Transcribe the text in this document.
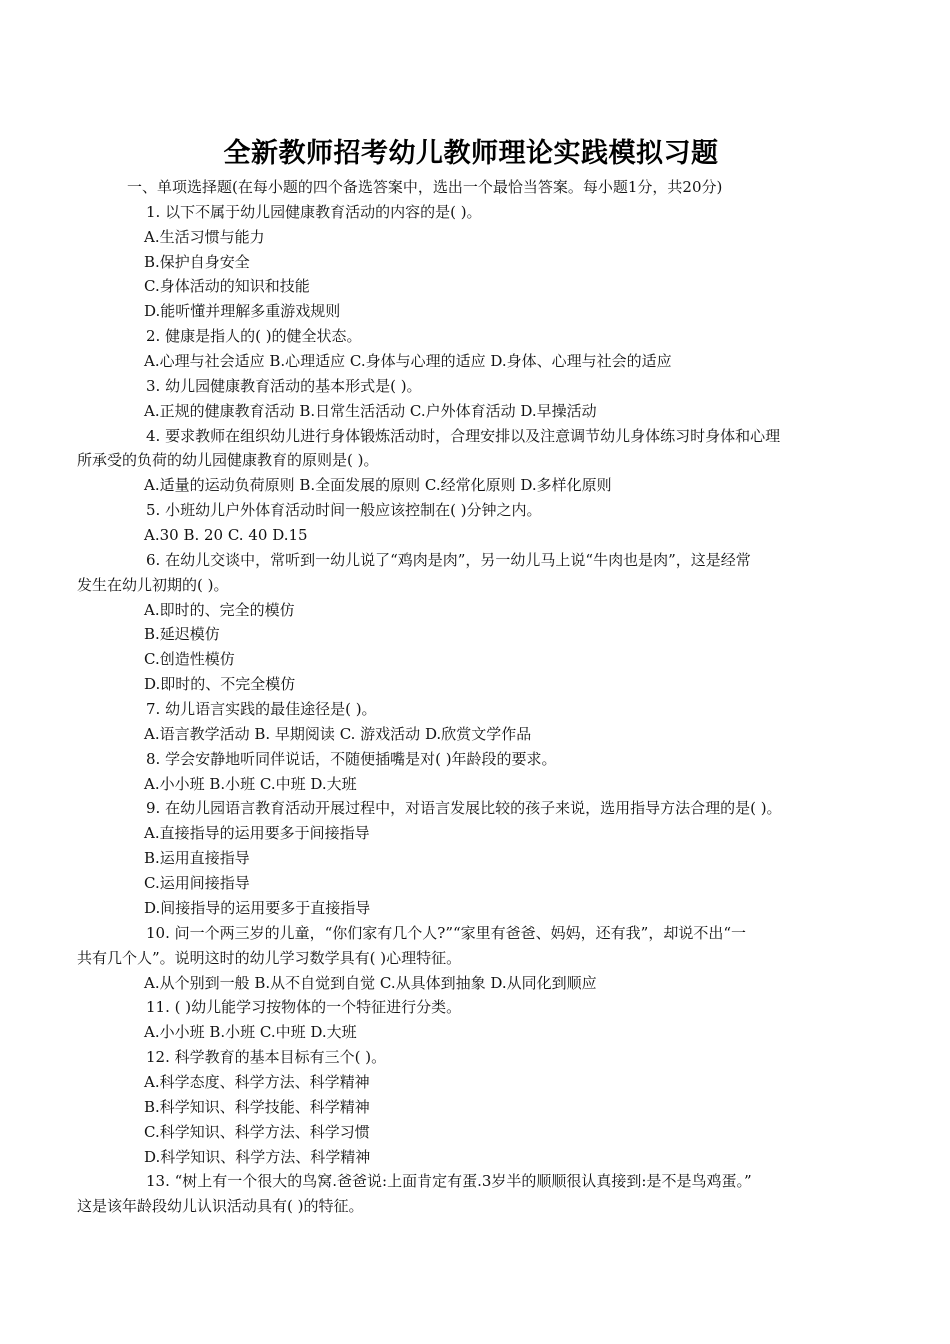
全新教师招考幼儿教师理论实践模拟习题
一、单项选择题(在每小题的四个备选答案中，选出一个最恰当答案。每小题1分，共20分)
1. 以下不属于幼儿园健康教育活动的内容的是( )。
A.生活习惯与能力
B.保护自身安全
C.身体活动的知识和技能
D.能听懂并理解多重游戏规则
2. 健康是指人的( )的健全状态。
A.心理与社会适应 B.心理适应 C.身体与心理的适应 D.身体、心理与社会的适应
3. 幼儿园健康教育活动的基本形式是( )。
A.正规的健康教育活动 B.日常生活活动 C.户外体育活动 D.早操活动
4. 要求教师在组织幼儿进行身体锻炼活动时，合理安排以及注意调节幼儿身体练习时身体和心理
所承受的负荷的幼儿园健康教育的原则是( )。
A.适量的运动负荷原则 B.全面发展的原则 C.经常化原则 D.多样化原则
5. 小班幼儿户外体育活动时间一般应该控制在( )分钟之内。
A.30 B. 20 C. 40 D.15
6. 在幼儿交谈中，常听到一幼儿说了“鸡肉是肉”，另一幼儿马上说“牛肉也是肉”，这是经常
发生在幼儿初期的( )。
A.即时的、完全的模仿
B.延迟模仿
C.创造性模仿
D.即时的、不完全模仿
7. 幼儿语言实践的最佳途径是( )。
A.语言教学活动 B. 早期阅读 C. 游戏活动 D.欣赏文学作品
8. 学会安静地听同伴说话，不随便插嘴是对( )年龄段的要求。
A.小小班 B.小班 C.中班 D.大班
9. 在幼儿园语言教育活动开展过程中，对语言发展比较的孩子来说，选用指导方法合理的是( )。
A.直接指导的运用要多于间接指导
B.运用直接指导
C.运用间接指导
D.间接指导的运用要多于直接指导
10. 问一个两三岁的儿童，“你们家有几个人?”“家里有爸爸、妈妈，还有我”，却说不出“一
共有几个人”。说明这时的幼儿学习数学具有( )心理特征。
A.从个别到一般 B.从不自觉到自觉 C.从具体到抽象 D.从同化到顺应
11. ( )幼儿能学习按物体的一个特征进行分类。
A.小小班 B.小班 C.中班 D.大班
12. 科学教育的基本目标有三个( )。
A.科学态度、科学方法、科学精神
B.科学知识、科学技能、科学精神
C.科学知识、科学方法、科学习惯
D.科学知识、科学方法、科学精神
13. “树上有一个很大的鸟窝.爸爸说:上面肯定有蛋.3岁半的顺顺很认真接到:是不是鸟鸡蛋。”
这是该年龄段幼儿认识活动具有( )的特征。
